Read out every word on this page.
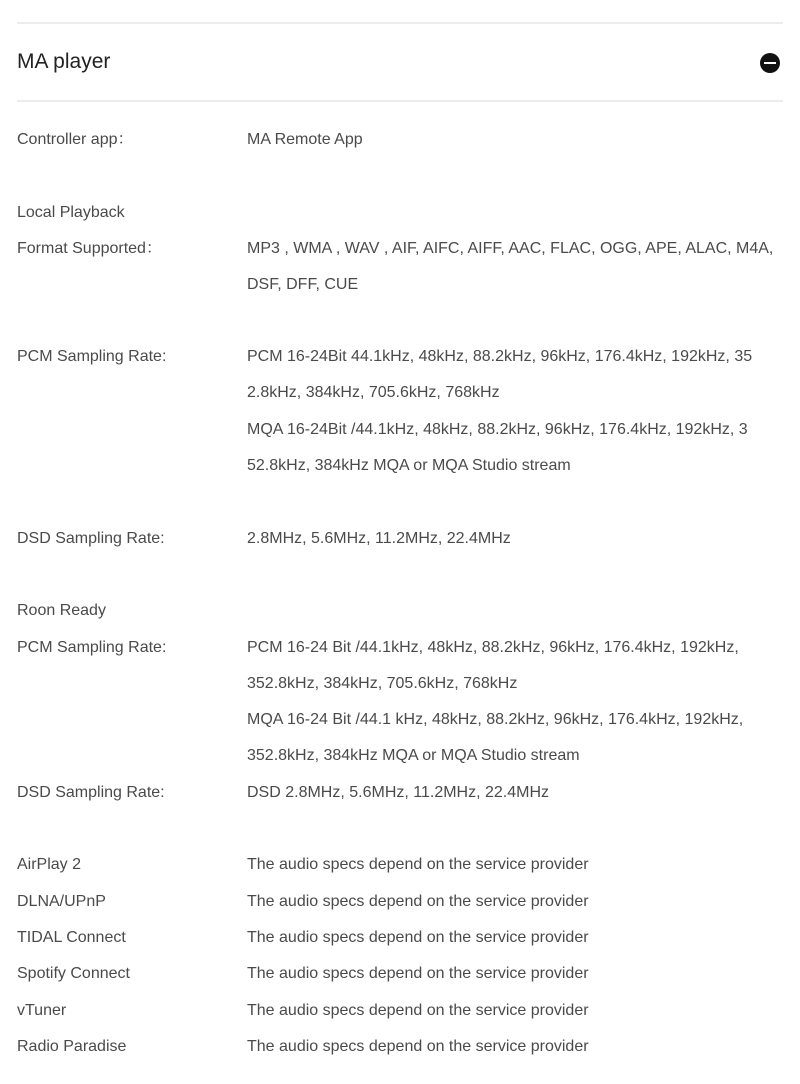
MA player
Controller app：	MA Remote App
Local Playback
Format Supported：	MP3 , WMA , WAV , AIF, AIFC, AIFF, AAC, FLAC, OGG, APE, ALAC, M4A,
DSF, DFF, CUE
PCM Sampling Rate:	PCM 16-24Bit 44.1kHz, 48kHz, 88.2kHz, 96kHz, 176.4kHz, 192kHz, 35
2.8kHz, 384kHz, 705.6kHz, 768kHz
MQA 16-24Bit /44.1kHz, 48kHz, 88.2kHz, 96kHz, 176.4kHz, 192kHz, 3
52.8kHz, 384kHz MQA or MQA Studio stream
DSD Sampling Rate:	2.8MHz, 5.6MHz, 11.2MHz, 22.4MHz
Roon Ready
PCM Sampling Rate:	PCM 16-24 Bit /44.1kHz, 48kHz, 88.2kHz, 96kHz, 176.4kHz, 192kHz,
352.8kHz, 384kHz, 705.6kHz, 768kHz
MQA 16-24 Bit /44.1 kHz, 48kHz, 88.2kHz, 96kHz, 176.4kHz, 192kHz,
352.8kHz, 384kHz MQA or MQA Studio stream
DSD Sampling Rate:	DSD 2.8MHz, 5.6MHz, 11.2MHz, 22.4MHz
AirPlay 2	The audio specs depend on the service provider
DLNA/UPnP	The audio specs depend on the service provider
TIDAL Connect	The audio specs depend on the service provider
Spotify Connect	The audio specs depend on the service provider
vTuner	The audio specs depend on the service provider
Radio Paradise	The audio specs depend on the service provider
